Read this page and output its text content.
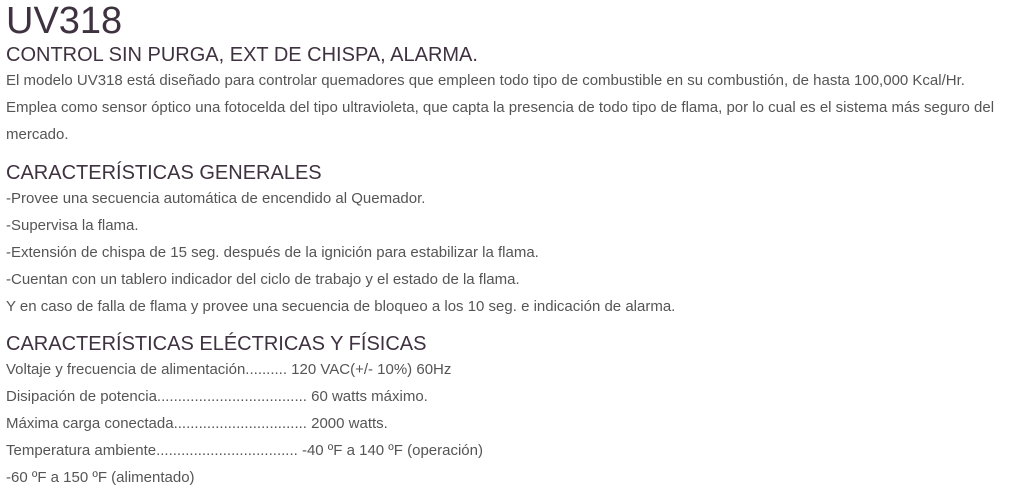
UV318
CONTROL SIN PURGA, EXT DE CHISPA, ALARMA.

El modelo UV318 está diseñado para controlar quemadores que empleen todo tipo de combustible en su combustión, de hasta 100,000 Kcal/Hr. Emplea como sensor óptico una fotocelda del tipo ultravioleta, que capta la presencia de todo tipo de flama, por lo cual es el sistema más seguro del mercado.

CARACTERÍSTICAS GENERALES
-Provee una secuencia automática de encendido al Quemador.
-Supervisa la flama.
-Extensión de chispa de 15 seg. después de la ignición para estabilizar la flama.
-Cuentan con un tablero indicador del ciclo de trabajo y el estado de la flama.
Y en caso de falla de flama y provee una secuencia de bloqueo a los 10 seg. e indicación de alarma.
CARACTERÍSTICAS ELÉCTRICAS Y FÍSICAS
Voltaje y frecuencia de alimentación.......... 120 VAC(+/- 10%) 60Hz
Disipación de potencia.................................... 60 watts máximo.
Máxima carga conectada................................ 2000 watts.
Temperatura ambiente.................................. -40 ºF a 140 ºF (operación)
-60 ºF a 150 ºF (alimentado)
